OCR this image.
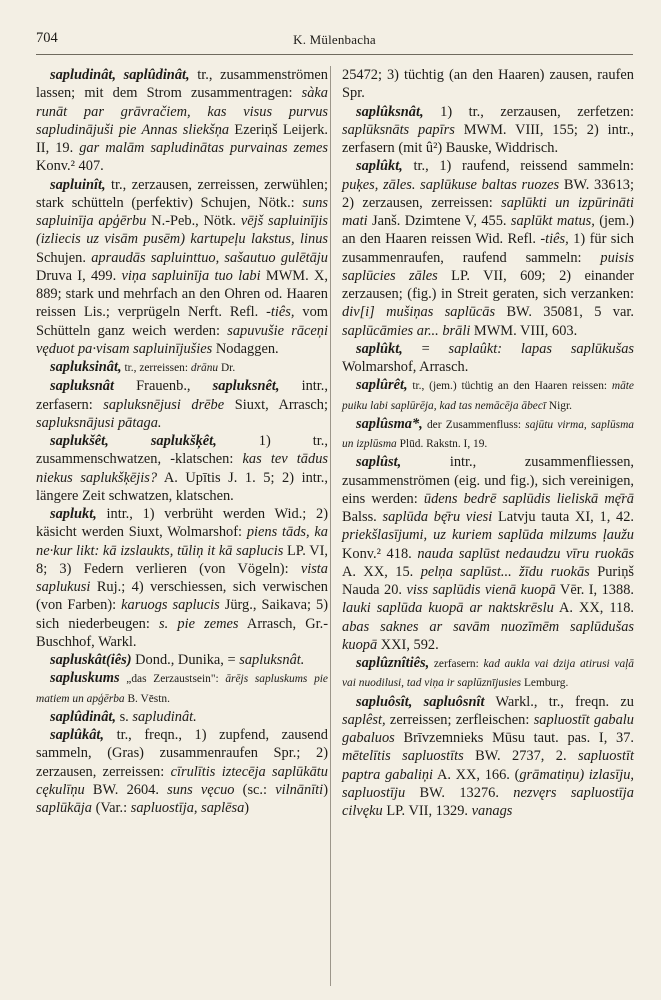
704	K. Mülenbacha

sapludinât, saplûdinât, tr., zusammenströmen lassen; mit dem Strom zusammentragen: sàka runāt par grāvračiem, kas visus purvus sapludinājuši pie Annas sliekšņa Ezeriņš Leijerk. II, 19. gar malām sapludinātas purvainas zemes Konv.² 407.

sapluinît, tr., zerzausen, zerreissen, zerwühlen; stark schütteln (perfektiv) Schujen, Nötk.: suns sapluinīja apģērbu N.-Peb., Nötk. vējš sapluinījis (izliecis uz visām pusēm) kartupeļu lakstus, linus Schujen. apraudās sapluinttuo, sašautuo gulētāju Druva I, 499. viņa sapluinīja tuo labi MWM. X, 889; stark und mehrfach an den Ohren od. Haaren reissen Lis.; verprügeln Nerft. Refl. -tiês, vom Schütteln ganz weich werden: sapuvušie rāceņi vęduot pa·visam sapluinījušies Nodaggen.

sapluksinât, tr., zerreissen: drānu Dr.

sapluksnât Frauenb., sapluksnêt, intr., zerfasern: sapluksnējusi drēbe Siuxt, Arrasch; sapluksnājusi pātaga.

saplukšêt,	saplukšķêt, 1) tr., zusammenschwatzen, -klatschen: kas tev tādus niekus saplukšķējis? A. Upītis J. 1. 5; 2) intr., längere Zeit schwatzen, klatschen.

saplukt, intr., 1) verbrüht werden Wid.; 2) käsicht werden Siuxt, Wolmarshof: piens tāds, ka ne·kur likt: kā izslaukts, tūliņ it kā saplucis LP. VI, 8; 3) Federn verlieren (von Vögeln): vista saplukusi Ruj.; 4) verschiessen, sich verwischen (von Farben): karuogs saplucis Jürg., Saikava; 5) sich niederbeugen: s. pie zemes Arrasch, Gr.-Buschhof, Warkl.

sapluskât(iês) Dond., Dunika, = sapluksnât.

sapluskums „das Zerzaustsein": ārējs sapluskums pie matiem un apģērba B. Vēstn.

saplûdinât, s. sapludinât.

saplûkât, tr., freqn., 1) zupfend, zausend sammeln, (Gras) zusammenraufen Spr.; 2) zerzausen, zerreissen: cīrulītis iztecēja saplūkātu cękulīņu BW. 2604. suns vęcuo (sc.: vilnānīti) saplūkāja (Var.: sapluostīja, saplēsa)

25472; 3) tüchtig (an den Haaren) zausen, raufen Spr.

saplûksnât, 1) tr., zerzausen, zerfetzen: saplūksnāts papīrs MWM. VIII, 155; 2) intr., zerfasern (mit û²) Bauske, Widdrisch.

saplûkt, tr., 1) raufend, reissend sammeln: puķes, zāles. saplūkuse baltas ruozes BW. 33613; 2) zerzausen, zerreissen: saplūkti un izpūrināti mati Janš. Dzimtene V, 455. saplūkt matus, (jem.) an den Haaren reissen Wid. Refl. -tiês, 1) für sich zusammenraufen, raufend sammeln: puisis saplūcies zāles LP. VII, 609; 2) einander zerzausen; (fig.) in Streit geraten, sich verzanken: div[i] mušiņas saplūcās BW. 35081, 5 var. saplūcāmies ar... brāli MWM. VIII, 603.

saplûkt, = saplaûkt: lapas saplūkušas Wolmarshof, Arrasch.

saplûrêt, tr., (jem.) tüchtig an den Haaren reissen: māte puiku labi saplūrēja, kad tas nemācēja ābecī Nigr.

saplûsma*, der Zusammenfluss: sajūtu virma, saplūsma un izplūsma Plūd. Rakstn. I, 19.

saplûst, intr., zusammenfliessen, zusammenströmen (eig. und fig.), sich vereinigen, eins werden: ūdens bedrē saplūdis lieliskā mę̄rā Balss. saplūda bę̄ru viesi Latvju tauta XI, 1, 42. priekšlasījumi, uz kuriem saplūda milzums ļaužu Konv.² 418. nauda saplūst nedaudzu vīru ruokās A. XX, 15. pelņa saplūst... žīdu ruokās Puriņš Nauda 20. viss saplūdis vienā kuopā Vēr. I, 1388. lauki saplūda kuopā ar naktskrēslu A. XX, 118. abas saknes ar savām nuozīmēm saplūdušas kuopā XXI, 592.

saplûznîtiês, zerfasern: kad aukla vai dzija atirusi vaļā vai nuodilusi, tad viņa ir saplūznījusies Lemburg.

sapluôsît, sapluôsnît Warkl., tr., freqn. zu saplêst, zerreissen; zerfleischen: sapluostīt gabalu gabaluos Brīvzemnieks Mūsu taut. pas. I, 37. mētelītis sapluostīts BW. 2737, 2. sapluostīt paptra gabaliņi A. XX, 166. (grāmatiņu) izlasīju, sapluostīju BW. 13276. nezvęrs sapluostīja cilvęku LP. VII, 1329. vanags
